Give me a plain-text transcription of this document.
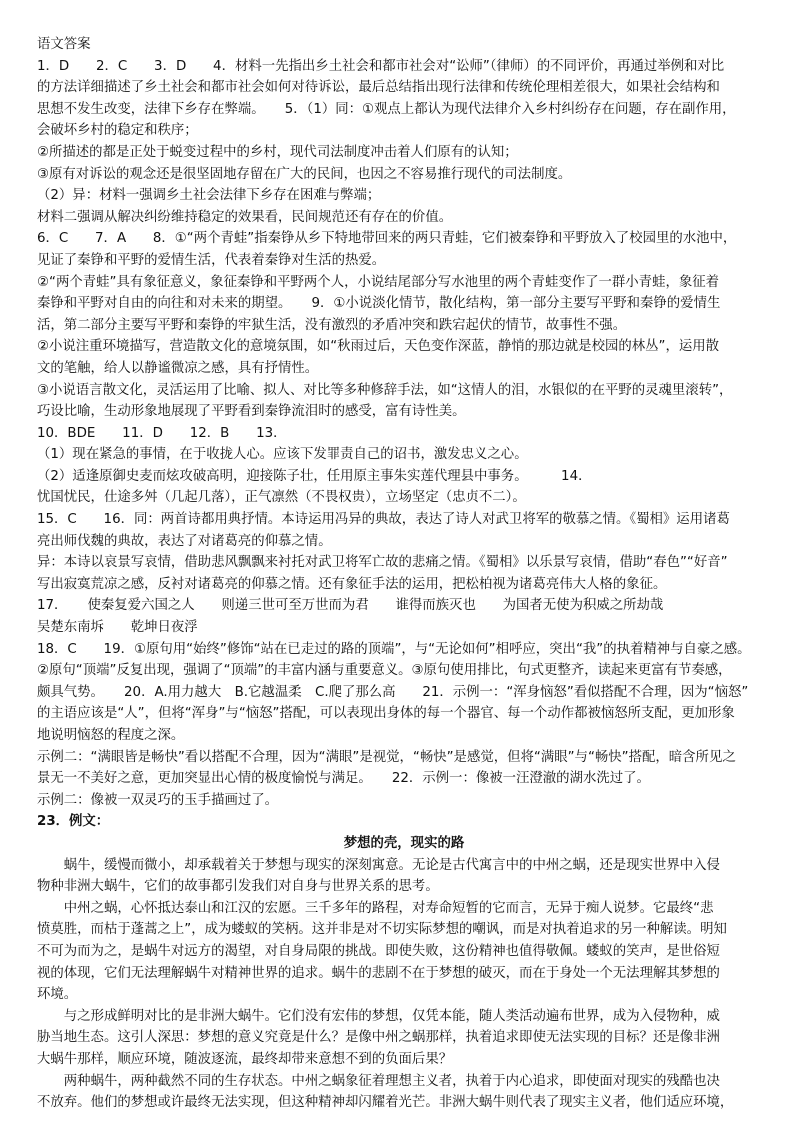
语文答案
1．D　　2．C　　3．D　　4．材料一先指出乡土社会和都市社会对“讼师”（律师）的不同评价，再通过举例和对比
的方法详细描述了乡土社会和都市社会如何对待诉讼，最后总结指出现行法律和传统伦理相差很大，如果社会结构和
思想不发生改变，法律下乡存在弊端。　　5．（1）同：①观点上都认为现代法律介入乡村纠纷存在问题，存在副作用，
会破坏乡村的稳定和秩序；
②所描述的都是正处于蜕变过程中的乡村，现代司法制度冲击着人们原有的认知；
③原有对诉讼的观念还是很坚固地存留在广大的民间，也因之不容易推行现代的司法制度。
（2）异：材料一强调乡土社会法律下乡存在困难与弊端；
材料二强调从解决纠纷维持稳定的效果看，民间规范还有存在的价值。
6．C　　7．A　　8．①“两个青蛙”指秦铮从乡下特地带回来的两只青蛙，它们被秦铮和平野放入了校园里的水池中，
见证了秦铮和平野的爱情生活，代表着秦铮对生活的热爱。
②“两个青蛙”具有象征意义，象征秦铮和平野两个人，小说结尾部分写水池里的两个青蛙变作了一群小青蛙，象征着
秦铮和平野对自由的向往和对未来的期望。　　9．①小说淡化情节，散化结构，第一部分主要写平野和秦铮的爱情生
活，第二部分主要写平野和秦铮的牢狱生活，没有激烈的矛盾冲突和跌宕起伏的情节，故事性不强。
②小说注重环境描写，营造散文化的意境氛围，如“秋雨过后，天色变作深蓝，静悄的那边就是校园的林丛”，运用散
文的笔触，给人以静谧微凉之感，具有抒情性。
③小说语言散文化，灵活运用了比喻、拟人、对比等多种修辞手法，如“这情人的泪，水银似的在平野的灵魂里滚转”，
巧设比喻，生动形象地展现了平野看到秦铮流泪时的感受，富有诗性美。
10．BDE　　11．D　　12．B　　13．
（1）现在紧急的事情，在于收拢人心。应该下发罪责自己的诏书，激发忠义之心。
（2）适逢原御史麦而炫攻破高明，迎接陈子壮，任用原主事朱实莲代理县中事务。　　　14．
忧国忧民，仕途多舛（几起几落），正气凛然（不畏权贵），立场坚定（忠贞不二）。
15．C　　16．同：两首诗都用典抒情。本诗运用冯异的典故，表达了诗人对武卫将军的敬慕之情。《蜀相》运用诸葛
亮出师伐魏的典故，表达了对诸葛亮的仰慕之情。
异：本诗以哀景写哀情，借助悲风飘飘来衬托对武卫将军亡故的悲痛之情。《蜀相》以乐景写哀情，借助“春色”“好音”
写出寂寞荒凉之感，反衬对诸葛亮的仰慕之情。还有象征手法的运用，把松柏视为诸葛亮伟大人格的象征。
17．　　使秦复爱六国之人　　则递三世可至万世而为君　　谁得而族灭也　　为国者无使为积威之所劫哉
吴楚东南坼　　乾坤日夜浮
18．C　　19．①原句用“始终”修饰“站在已走过的路的顶端”，与“无论如何”相呼应，突出“我”的执着精神与自豪之感。
②原句“顶端”反复出现，强调了“顶端”的丰富内涵与重要意义。③原句使用排比，句式更整齐，读起来更富有节奏感，
颇具气势。　　20．A.用力越大　B.它越温柔　C.爬了那么高　　21．示例一：“浑身恼怒”看似搭配不合理，因为“恼怒”
的主语应该是“人”，但将“浑身”与“恼怒”搭配，可以表现出身体的每一个器官、每一个动作都被恼怒所支配，更加形象
地说明恼怒的程度之深。
示例二：“满眼皆是畅快”看以搭配不合理，因为“满眼”是视觉，“畅快”是感觉，但将“满眼”与“畅快”搭配，暗含所见之
景无一不美好之意，更加突显出心情的极度愉悦与满足。　　22．示例一：像被一汪澄澈的湖水洗过了。
示例二：像被一双灵巧的玉手描画过了。
23．例文：
梦想的壳，现实的路
蜗牛，缓慢而微小，却承载着关于梦想与现实的深刻寓意。无论是古代寓言中的中州之蜗，还是现实世界中入侵
物种非洲大蜗牛，它们的故事都引发我们对自身与世界关系的思考。
中州之蜗，心怀抵达泰山和江汉的宏愿。三千多年的路程，对寿命短暂的它而言，无异于痴人说梦。它最终“悲
愤莫胜，而枯于蓬蒿之上”，成为蝼蚁的笑柄。这并非是对不切实际梦想的嘲讽，而是对执着追求的另一种解读。明知
不可为而为之，是蜗牛对远方的渴望，对自身局限的挑战。即使失败，这份精神也值得敬佩。蝼蚁的笑声，是世俗短
视的体现，它们无法理解蜗牛对精神世界的追求。蜗牛的悲剧不在于梦想的破灭，而在于身处一个无法理解其梦想的
环境。
与之形成鲜明对比的是非洲大蜗牛。它们没有宏伟的梦想，仅凭本能，随人类活动遍布世界，成为入侵物种，威
胁当地生态。这引人深思：梦想的意义究竟是什么？是像中州之蜗那样，执着追求即使无法实现的目标？还是像非洲
大蜗牛那样，顺应环境，随波逐流，最终却带来意想不到的负面后果？
两种蜗牛，两种截然不同的生存状态。中州之蜗象征着理想主义者，执着于内心追求，即使面对现实的残酷也决
不放弃。他们的梦想或许最终无法实现，但这种精神却闪耀着光芒。非洲大蜗牛则代表了现实主义者，他们适应环境，
